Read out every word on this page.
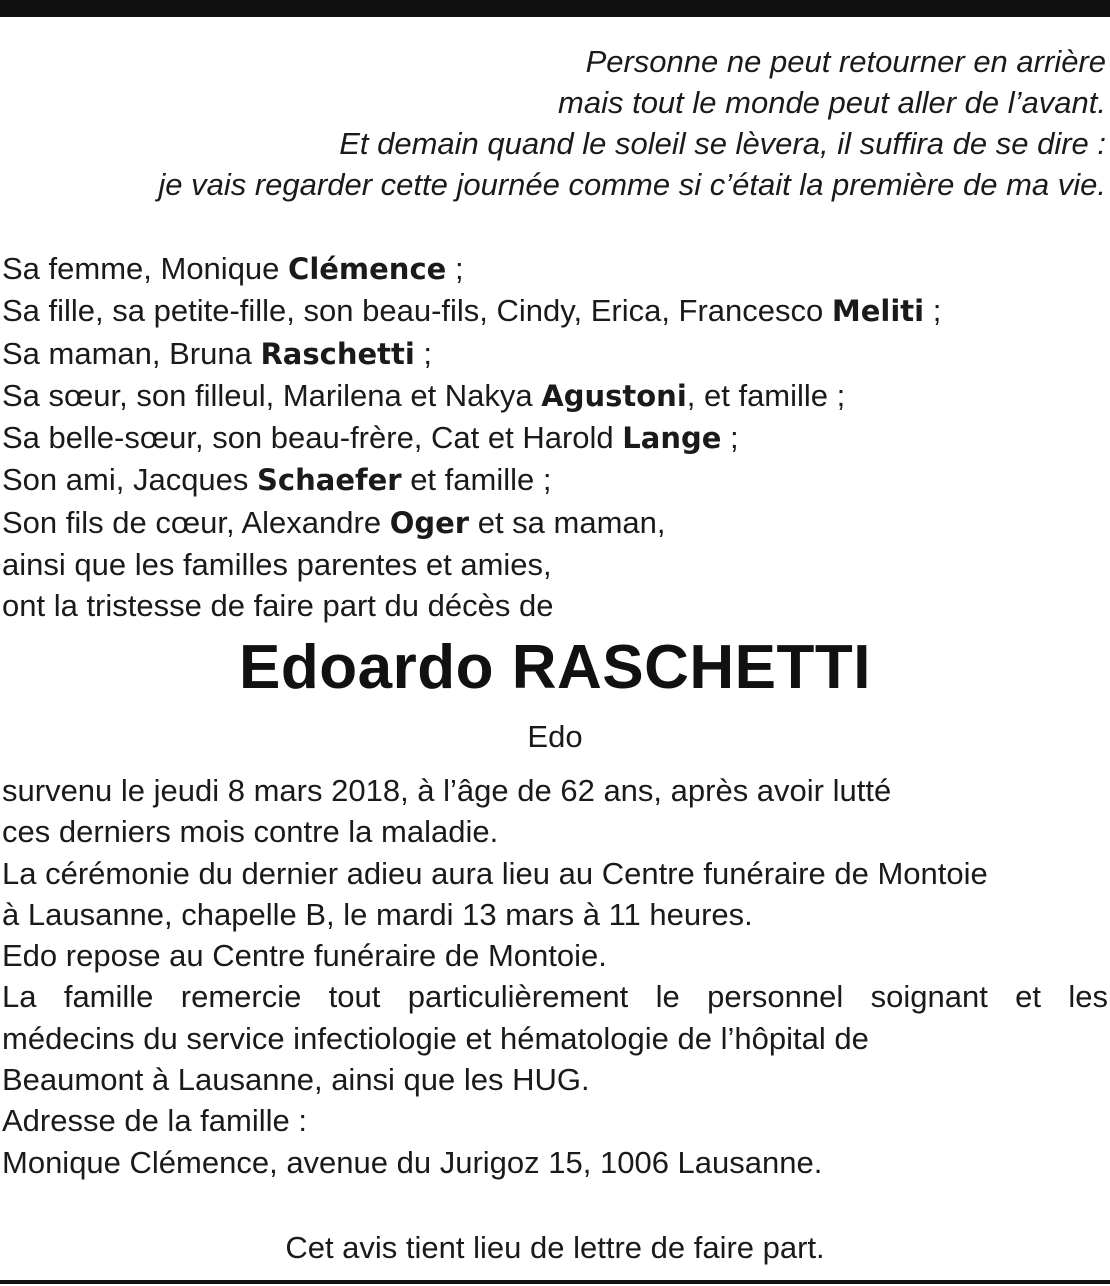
Personne ne peut retourner en arrière
mais tout le monde peut aller de l’avant.
Et demain quand le soleil se lèvera, il suffira de se dire :
je vais regarder cette journée comme si c’était la première de ma vie.
Sa femme, Monique Clémence ;
Sa fille, sa petite-fille, son beau-fils, Cindy, Erica, Francesco Meliti ;
Sa maman, Bruna Raschetti ;
Sa sœur, son filleul, Marilena et Nakya Agustoni, et famille ;
Sa belle-sœur, son beau-frère, Cat et Harold Lange ;
Son ami, Jacques Schaefer et famille ;
Son fils de cœur, Alexandre Oger et sa maman,
ainsi que les familles parentes et amies,
ont la tristesse de faire part du décès de
Edoardo RASCHETTI
Edo
survenu le jeudi 8 mars 2018, à l’âge de 62 ans, après avoir lutté
ces derniers mois contre la maladie.
La cérémonie du dernier adieu aura lieu au Centre funéraire de Montoie
à Lausanne, chapelle B, le mardi 13 mars à 11 heures.
Edo repose au Centre funéraire de Montoie.
La famille remercie tout particulièrement le personnel soignant et les
médecins du service infectiologie et hématologie de l’hôpital de
Beaumont à Lausanne, ainsi que les HUG.
Adresse de la famille :
Monique Clémence, avenue du Jurigoz 15, 1006 Lausanne.
Cet avis tient lieu de lettre de faire part.
